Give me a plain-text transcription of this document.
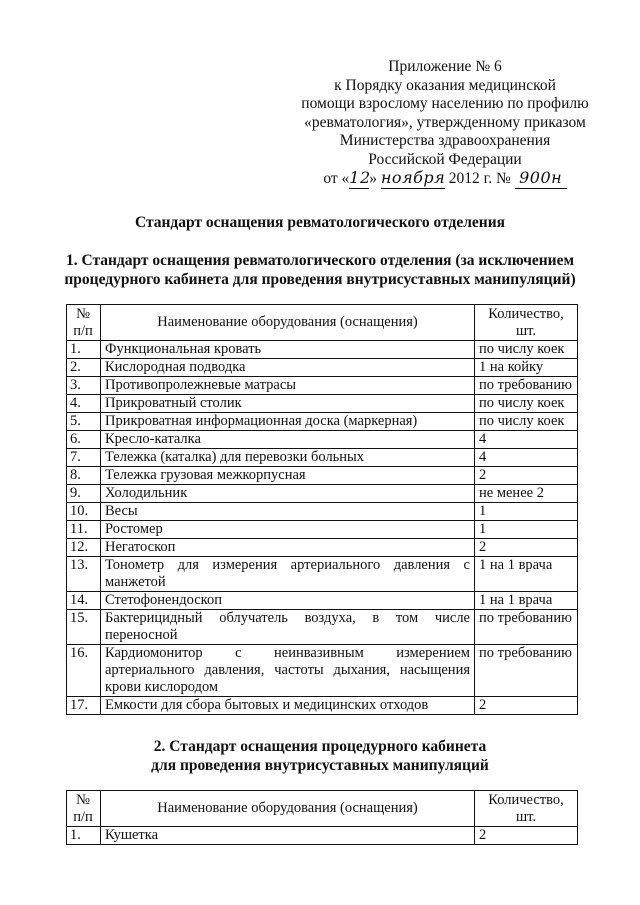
Приложение № 6
к Порядку оказания медицинской
помощи взрослому населению по профилю
«ревматология», утвержденному приказом
Министерства здравоохранения
Российской Федерации
от «12» ноября 2012 г. № 900н
Стандарт оснащения ревматологического отделения
1. Стандарт оснащения ревматологического отделения (за исключением
процедурного кабинета для проведения внутрисуставных манипуляций)
№ п/п	Наименование оборудования (оснащения)	Количество, шт.
1.	Функциональная кровать	по числу коек
2.	Кислородная подводка	1 на койку
3.	Противопролежневые матрасы	по требованию
4.	Прикроватный столик	по числу коек
5.	Прикроватная информационная доска (маркерная)	по числу коек
6.	Кресло-каталка	4
7.	Тележка (каталка) для перевозки больных	4
8.	Тележка грузовая межкорпусная	2
9.	Холодильник	не менее 2
10.	Весы	1
11.	Ростомер	1
12.	Негатоскоп	2
13.	Тонометр для измерения артериального давления с манжетой	1 на 1 врача
14.	Стетофонендоскоп	1 на 1 врача
15.	Бактерицидный облучатель воздуха, в том числе переносной	по требованию
16.	Кардиомонитор с неинвазивным измерением артериального давления, частоты дыхания, насыщения крови кислородом	по требованию
17.	Емкости для сбора бытовых и медицинских отходов	2
2. Стандарт оснащения процедурного кабинета
для проведения внутрисуставных манипуляций
№ п/п	Наименование оборудования (оснащения)	Количество, шт.
1.	Кушетка	2
